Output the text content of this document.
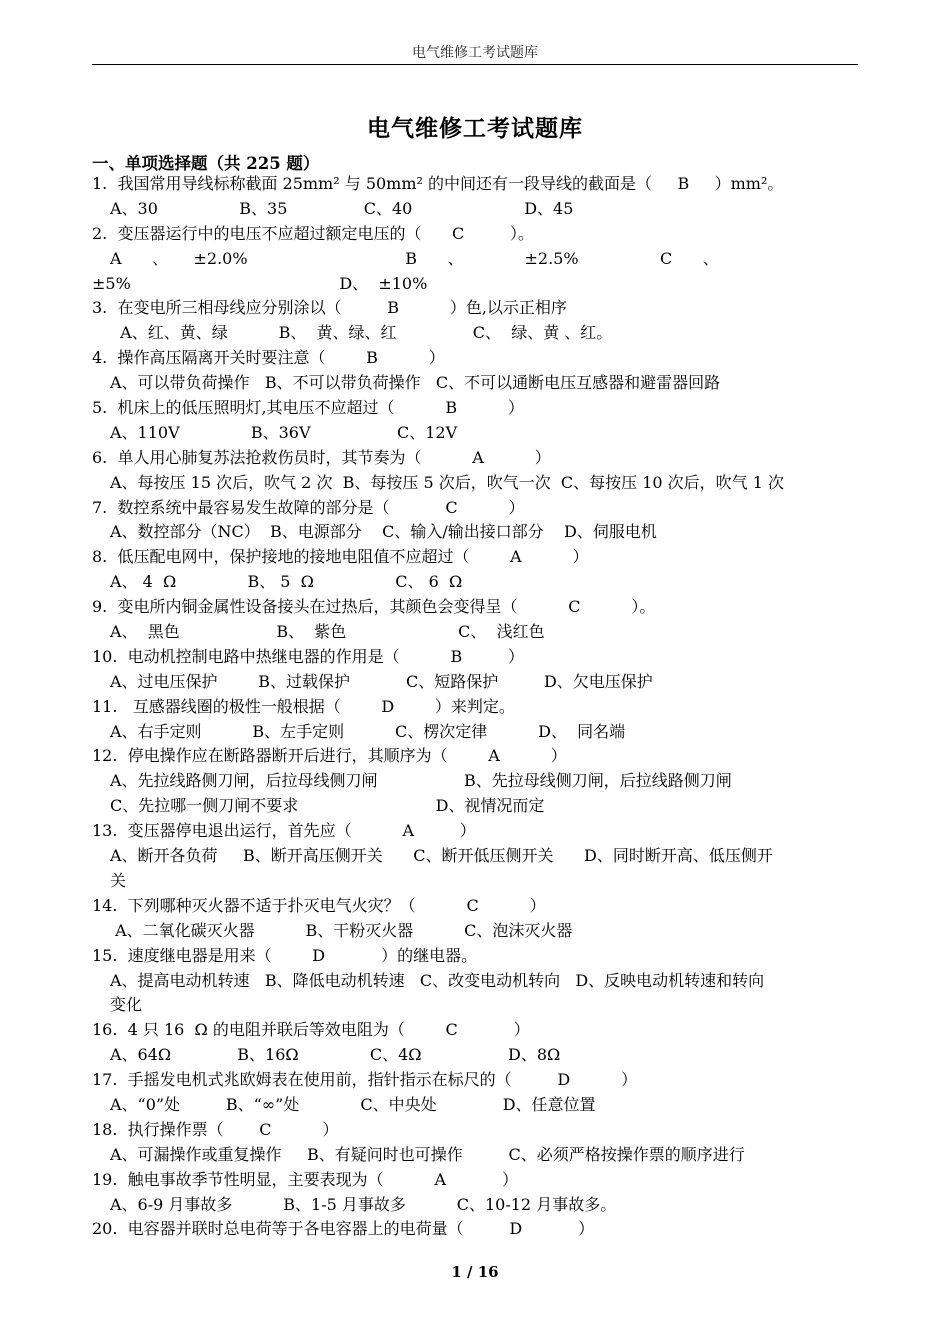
电气维修工考试题库
电气维修工考试题库
一、单项选择题（共 225 题）
1.  我国常用导线标称截面 25mm² 与 50mm² 的中间还有一段导线的截面是（     B     ）mm²。
A、30                B、35               C、40                      D、45
2.  变压器运行中的电压不应超过额定电压的（      C         ）。
A      、     ±2.0%                               B      、            ±2.5%                C      、
±5%                                         D、  ±10%
3.  在变电所三相母线应分别涂以（         B          ）色,以示正相序
A、红、黄、绿          B、  黄、绿、红               C、  绿、黄 、红。
4.  操作高压隔离开关时要注意（        B          ）
A、可以带负荷操作   B、不可以带负荷操作   C、不可以通断电压互感器和避雷器回路
5.  机床上的低压照明灯,其电压不应超过（          B          ）
A、110V              B、36V                 C、12V
6.  单人用心肺复苏法抢救伤员时，其节奏为（          A          ）
A、每按压 15 次后，吹气 2 次  B、每按压 5 次后，吹气一次  C、每按压 10 次后，吹气 1 次
7.  数控系统中最容易发生故障的部分是（           C          ）
A、数控部分（NC）  B、电源部分    C、输入/输出接口部分    D、伺服电机
8.  低压配电网中，保护接地的接地电阻值不应超过（        A          ）
A、 4  Ω              B、 5  Ω                C、 6  Ω
9.  变电所内铜金属性设备接头在过热后，其颜色会变得呈（          C          ）。
A、  黑色                   B、  紫色                      C、  浅红色
10.  电动机控制电路中热继电器的作用是（          B         ）
A、过电压保护        B、过载保护           C、短路保护         D、欠电压保护
11.   互感器线圈的极性一般根据（        D        ）来判定。
A、右手定则          B、左手定则          C、楞次定律          D、  同名端
12.  停电操作应在断路器断开后进行，其顺序为（        A          ）
A、先拉线路侧刀闸，后拉母线侧刀闸                 B、先拉母线侧刀闸，后拉线路侧刀闸
C、先拉哪一侧刀闸不要求                           D、视情况而定
13.  变压器停电退出运行，首先应（          A         ）
A、断开各负荷     B、断开高压侧开关      C、断开低压侧开关      D、同时断开高、低压侧开
关
14.  下列哪种灭火器不适于扑灭电气火灾？（          C          ）
A、二氧化碳灭火器          B、干粉灭火器          C、泡沫灭火器
15.  速度继电器是用来（        D           ）的继电器。
A、提高电动机转速   B、降低电动机转速   C、改变电动机转向   D、反映电动机转速和转向
变化
16.  4 只 16  Ω 的电阻并联后等效电阻为（        C           ）
A、64Ω             B、16Ω              C、4Ω                 D、8Ω
17.  手摇发电机式兆欧姆表在使用前，指针指示在标尺的（         D          ）
A、“0”处         B、“∞”处            C、中央处             D、任意位置
18.  执行操作票（       C          ）
A、可漏操作或重复操作     B、有疑问时也可操作         C、必须严格按操作票的顺序进行
19.  触电事故季节性明显，主要表现为（          A           ）
A、6-9 月事故多          B、1-5 月事故多          C、10-12 月事故多。
20.  电容器并联时总电荷等于各电容器上的电荷量（         D           ）
1 / 16
